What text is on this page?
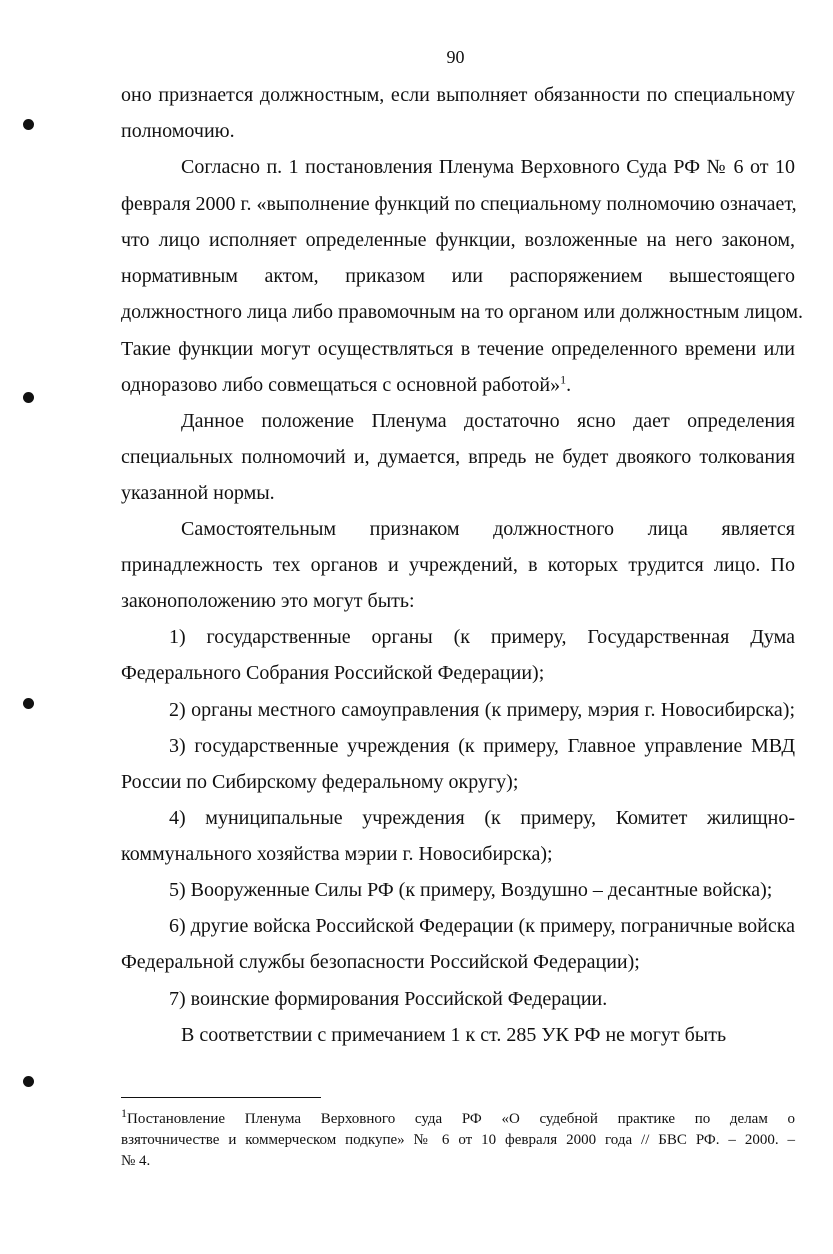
90
оно признается должностным, если выполняет обязанности по специальному
полномочию.
Согласно п. 1 постановления Пленума Верховного Суда РФ № 6 от 10
февраля 2000 г. «выполнение функций по специальному полномочию означает,
что лицо исполняет определенные функции, возложенные на него законом,
нормативным актом, приказом или распоряжением вышестоящего
должностного лица либо правомочным на то органом или должностным лицом.
Такие функции могут осуществляться в течение определенного времени или
одноразово либо совмещаться с основной работой»$^1$.
Данное положение Пленума достаточно ясно дает определения
специальных полномочий и, думается, впредь не будет двоякого толкования
указанной нормы.
Самостоятельным признаком должностного лица является
принадлежность тех органов и учреждений, в которых трудится лицо. По
законоположению это могут быть:
1) государственные органы (к примеру, Государственная Дума
Федерального Собрания Российской Федерации);
2) органы местного самоуправления (к примеру, мэрия г. Новосибирска);
3) государственные учреждения (к примеру, Главное управление МВД
России по Сибирскому федеральному округу);
4) муниципальные учреждения (к примеру, Комитет жилищно-
коммунального хозяйства мэрии г. Новосибирска);
5) Вооруженные Силы РФ (к примеру, Воздушно – десантные войска);
6) другие войска Российской Федерации (к примеру, пограничные войска
Федеральной службы безопасности Российской Федерации);
7) воинские формирования Российской Федерации.
В соответствии с примечанием 1 к ст. 285 УК РФ не могут быть
$^1$Постановление Пленума Верховного суда РФ «О судебной практике по делам о
взяточничестве и коммерческом подкупе» № 6 от 10 февраля 2000 года // БВС РФ. – 2000. –
№ 4.
